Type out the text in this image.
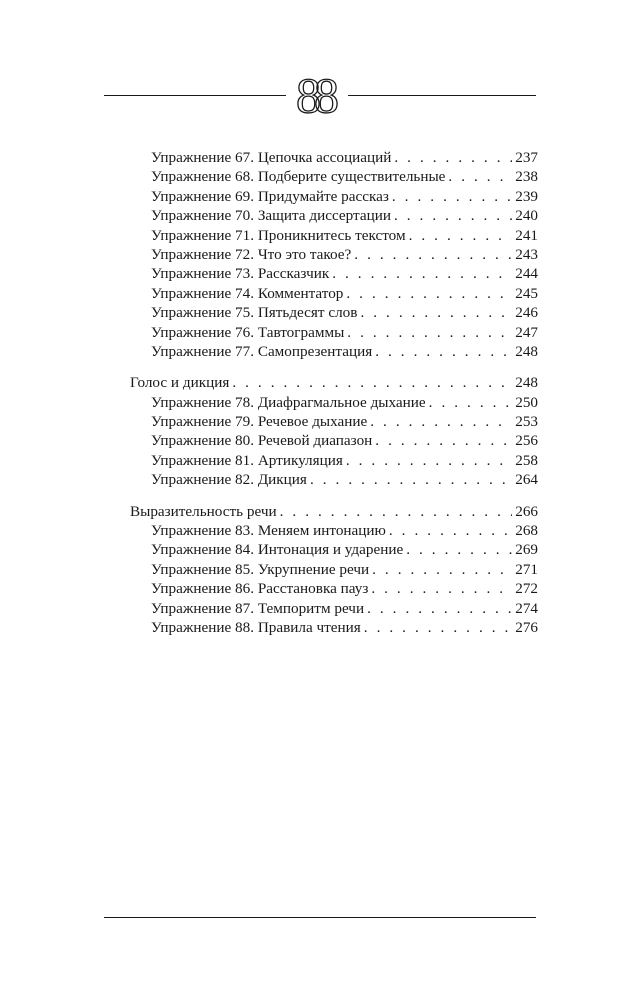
88
Упражнение 67. Цепочка ассоциаций . . .	237
Упражнение 68. Подберите существительные . . .	238
Упражнение 69. Придумайте рассказ . . .	239
Упражнение 70. Защита диссертации . . .	240
Упражнение 71. Проникнитесь текстом . . .	241
Упражнение 72. Что это такое? . . .	243
Упражнение 73. Рассказчик . . .	244
Упражнение 74. Комментатор . . .	245
Упражнение 75. Пятьдесят слов . . .	246
Упражнение 76. Тавтограммы . . .	247
Упражнение 77. Самопрезентация . . .	248
Голос и дикция . . .	248
Упражнение 78. Диафрагмальное дыхание . . .	250
Упражнение 79. Речевое дыхание . . .	253
Упражнение 80. Речевой диапазон . . .	256
Упражнение 81. Артикуляция . . .	258
Упражнение 82. Дикция . . .	264
Выразительность речи . . .	266
Упражнение 83. Меняем интонацию . . .	268
Упражнение 84. Интонация и ударение . . .	269
Упражнение 85. Укрупнение речи . . .	271
Упражнение 86. Расстановка пауз . . .	272
Упражнение 87. Темпоритм речи . . .	274
Упражнение 88. Правила чтения . . .	276
